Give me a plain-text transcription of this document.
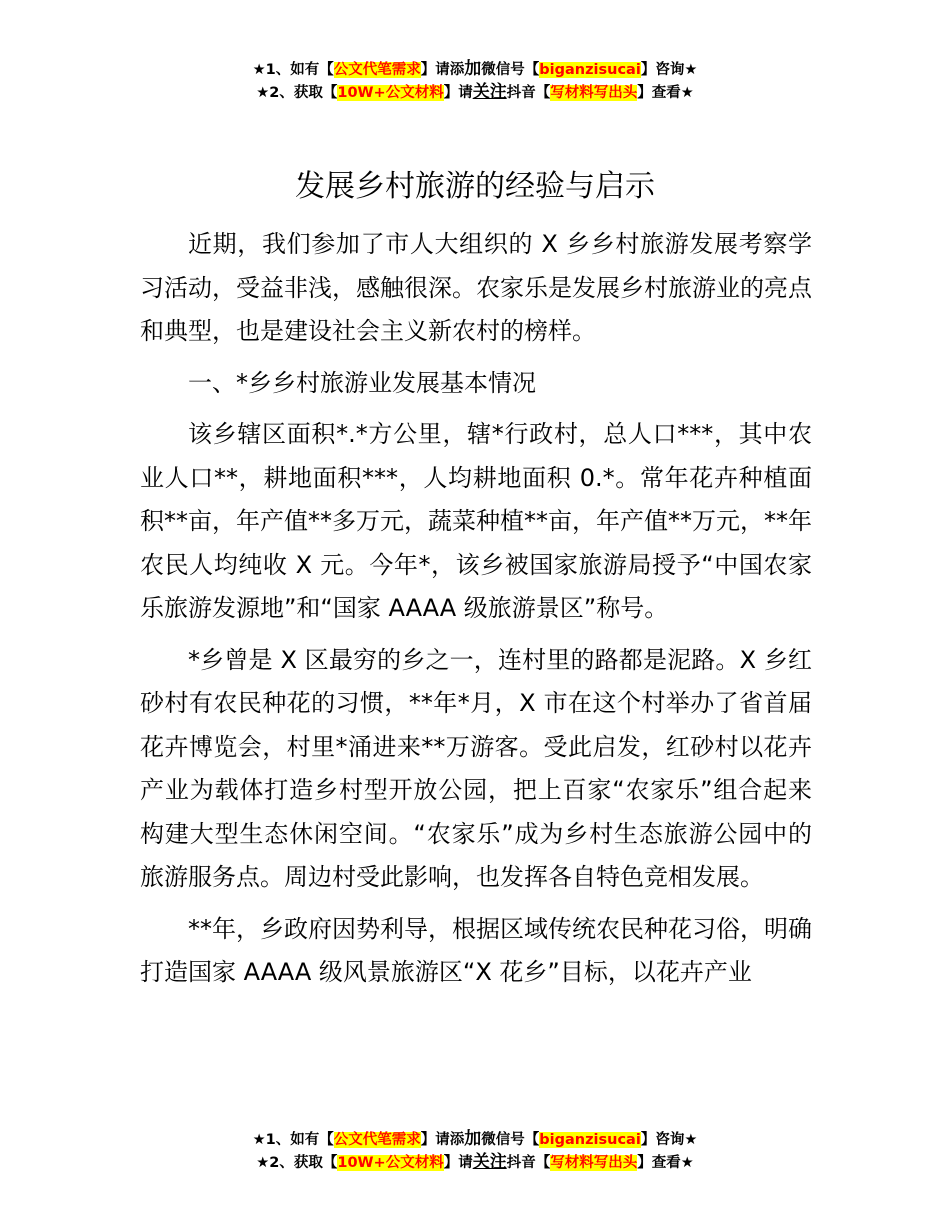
★1、如有【公文代笔需求】请添加微信号【biganzisucai】咨询★
★2、获取【10W+公文材料】请关注抖音【写材料写出头】查看★
发展乡村旅游的经验与启示

近期，我们参加了市人大组织的 X 乡乡村旅游发展考察学习活动，受益非浅，感触很深。农家乐是发展乡村旅游业的亮点和典型，也是建设社会主义新农村的榜样。

一、*乡乡村旅游业发展基本情况

该乡辖区面积*.*方公里，辖*行政村，总人口***，其中农业人口**，耕地面积***，人均耕地面积 0.*。常年花卉种植面积**亩，年产值**多万元，蔬菜种植**亩，年产值**万元，**年农民人均纯收 X 元。今年*，该乡被国家旅游局授予“中国农家乐旅游发源地”和“国家 AAAA 级旅游景区”称号。

*乡曾是 X 区最穷的乡之一，连村里的路都是泥路。X 乡红砂村有农民种花的习惯，**年*月，X 市在这个村举办了省首届花卉博览会，村里*涌进来**万游客。受此启发，红砂村以花卉产业为载体打造乡村型开放公园，把上百家“农家乐”组合起来构建大型生态休闲空间。“农家乐”成为乡村生态旅游公园中的旅游服务点。周边村受此影响，也发挥各自特色竞相发展。

**年，乡政府因势利导，根据区域传统农民种花习俗，明确打造国家 AAAA 级风景旅游区“X 花乡”目标，以花卉产业

★1、如有【公文代笔需求】请添加微信号【biganzisucai】咨询★
★2、获取【10W+公文材料】请关注抖音【写材料写出头】查看★
